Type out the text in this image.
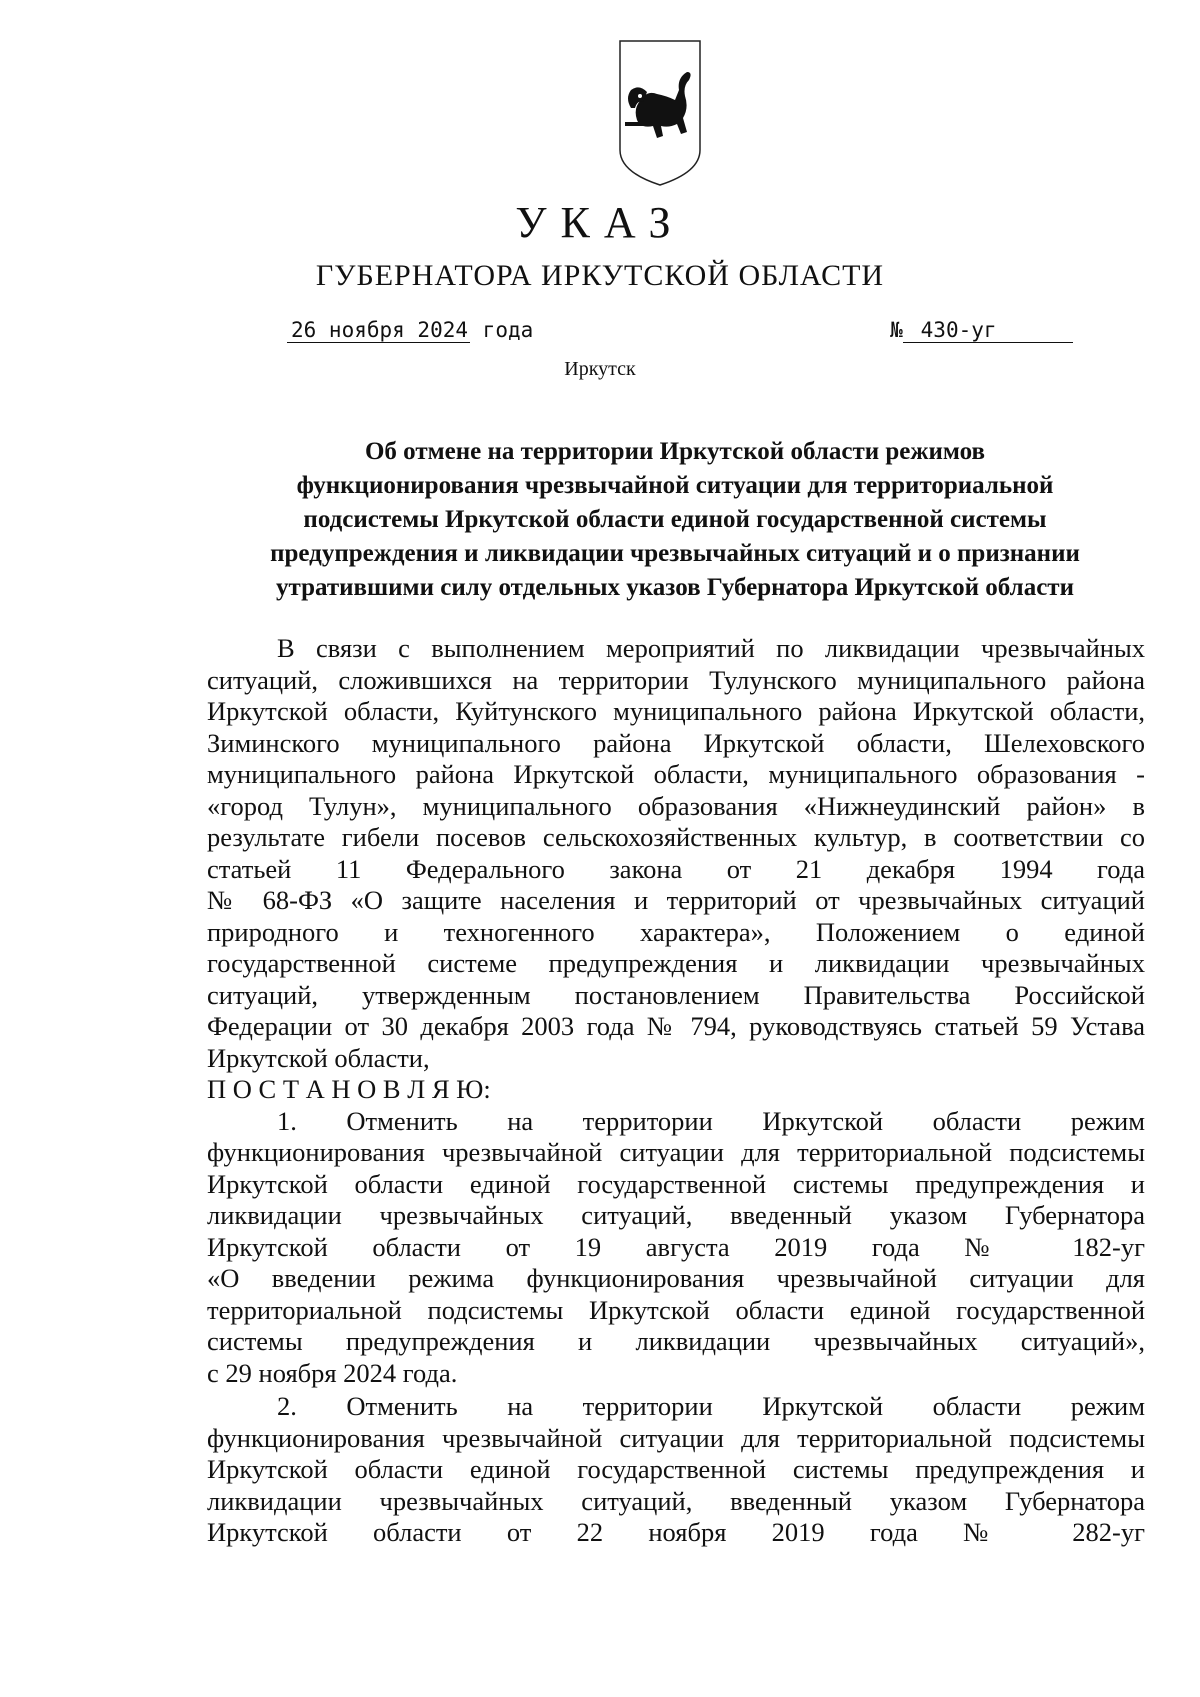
УКАЗ
ГУБЕРНАТОРА ИРКУТСКОЙ ОБЛАСТИ
26 ноября 2024 года	№ 430-уг
Иркутск
Об отмене на территории Иркутской области режимов
функционирования чрезвычайной ситуации для территориальной
подсистемы Иркутской области единой государственной системы
предупреждения и ликвидации чрезвычайных ситуаций и о признании
утратившими силу отдельных указов Губернатора Иркутской области
В связи с выполнением мероприятий по ликвидации чрезвычайных
ситуаций, сложившихся на территории Тулунского муниципального района
Иркутской области, Куйтунского муниципального района Иркутской области,
Зиминского муниципального района Иркутской области, Шелеховского
муниципального района Иркутской области, муниципального образования -
«город Тулун», муниципального образования «Нижнеудинский район» в
результате гибели посевов сельскохозяйственных культур, в соответствии со
статьей 11 Федерального закона от 21 декабря 1994 года
№ 68-ФЗ «О защите населения и территорий от чрезвычайных ситуаций
природного и техногенного характера», Положением о единой
государственной системе предупреждения и ликвидации чрезвычайных
ситуаций, утвержденным постановлением Правительства Российской
Федерации от 30 декабря 2003 года № 794, руководствуясь статьей 59 Устава
Иркутской области,
П О С Т А Н О В Л Я Ю:
1. Отменить на территории Иркутской области режим
функционирования чрезвычайной ситуации для территориальной подсистемы
Иркутской области единой государственной системы предупреждения и
ликвидации чрезвычайных ситуаций, введенный указом Губернатора
Иркутской области от 19 августа 2019 года № 182-уг
«О введении режима функционирования чрезвычайной ситуации для
территориальной подсистемы Иркутской области единой государственной
системы предупреждения и ликвидации чрезвычайных ситуаций»,
с 29 ноября 2024 года.
2. Отменить на территории Иркутской области режим
функционирования чрезвычайной ситуации для территориальной подсистемы
Иркутской области единой государственной системы предупреждения и
ликвидации чрезвычайных ситуаций, введенный указом Губернатора
Иркутской области от 22 ноября 2019 года № 282-уг
